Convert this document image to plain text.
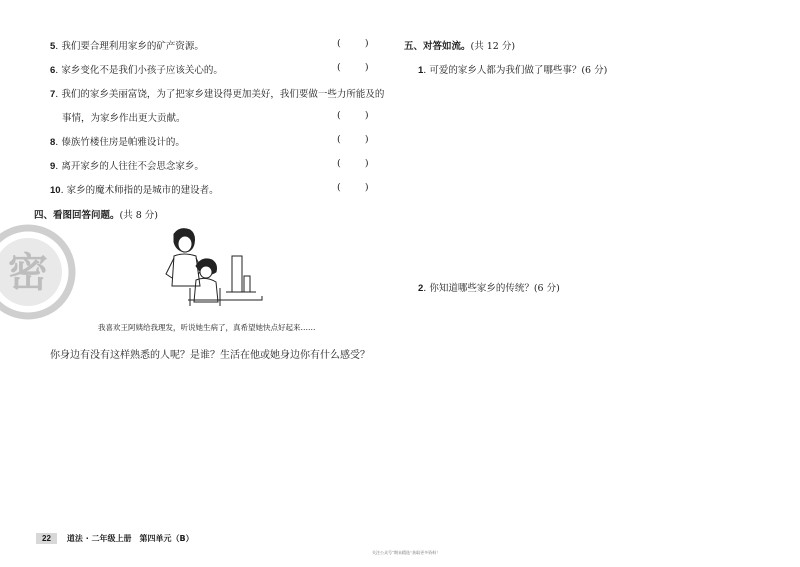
5. 我们要合理利用家乡的矿产资源。	(        )
6. 家乡变化不是我们小孩子应该关心的。	(        )
7. 我们的家乡美丽富饶，为了把家乡建设得更加美好，我们要做一些力所能及的
事情，为家乡作出更大贡献。	(        )
8. 傣族竹楼住房是帕雅设计的。	(        )
9. 离开家乡的人往往不会思念家乡。	(        )
10. 家乡的魔术师指的是城市的建设者。	(        )
四、看图回答问题。(共 8 分)
密
我喜欢王阿姨给我理发，听说她生病了，真希望她快点好起来……
你身边有没有这样熟悉的人呢？是谁？生活在他或她身边你有什么感受？
五、对答如流。(共 12 分)
1. 可爱的家乡人都为我们做了哪些事？(6 分)
2. 你知道哪些家乡的传统？(6 分)
22	道法 · 二年级上册　第四单元（B）
关注公众号“期末精选”获取更多资料！
